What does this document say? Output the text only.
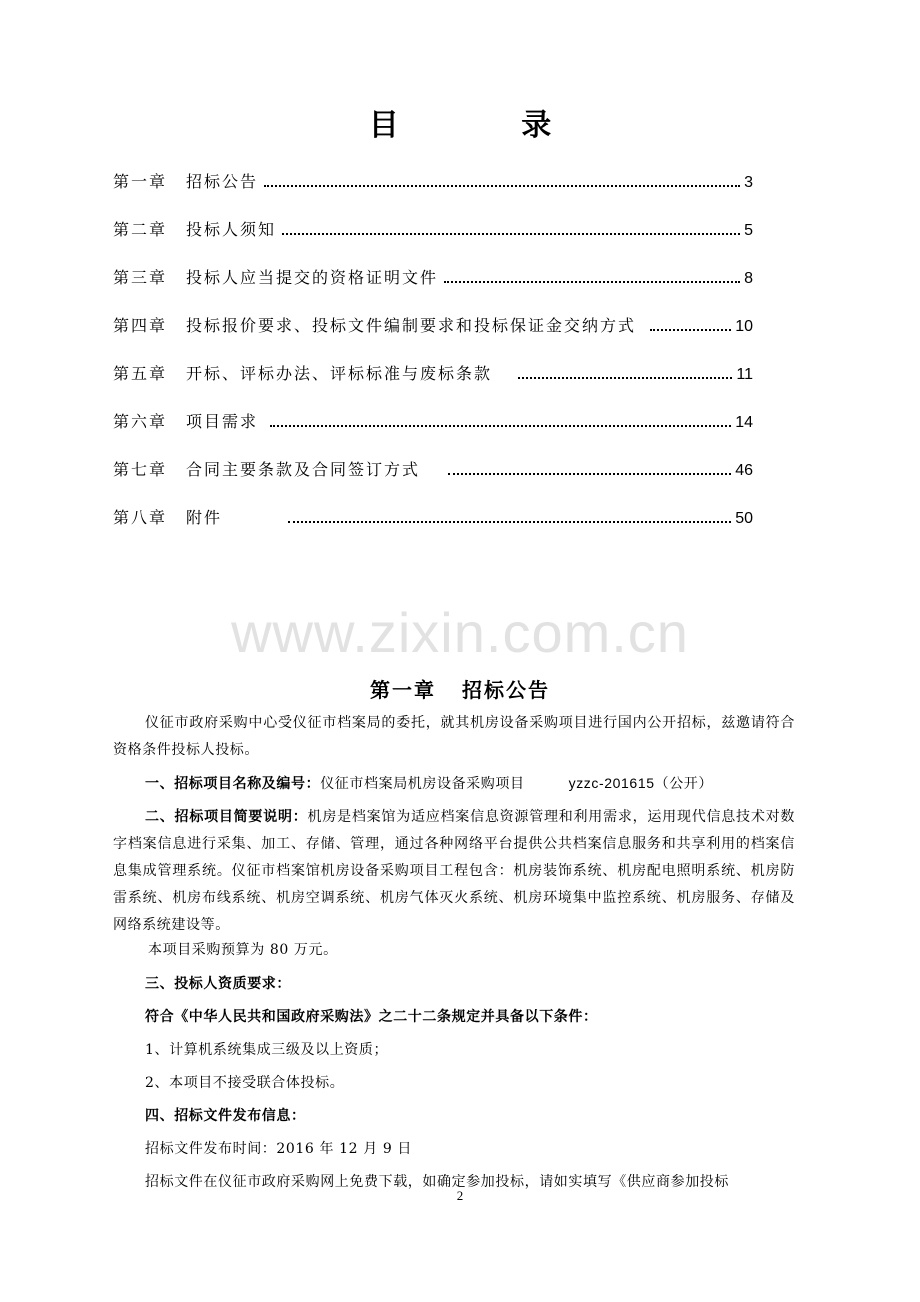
目 录
第一章	招标公告	3
第二章	投标人须知	5
第三章	投标人应当提交的资格证明文件	8
第四章	投标报价要求、投标文件编制要求和投标保证金交纳方式	10
第五章	开标、评标办法、评标标准与废标条款	11
第六章	项目需求	14
第七章	合同主要条款及合同签订方式	46
第八章	附件	50
www.zixin.com.cn
第一章 招标公告

仪征市政府采购中心受仪征市档案局的委托，就其机房设备采购项目进行国内公开招标，兹邀请符合资格条件投标人投标。

一、招标项目名称及编号：仪征市档案局机房设备采购项目	yzzc-201615（公开）

二、招标项目简要说明：机房是档案馆为适应档案信息资源管理和利用需求，运用现代信息技术对数字档案信息进行采集、加工、存储、管理，通过各种网络平台提供公共档案信息服务和共享利用的档案信息集成管理系统。仪征市档案馆机房设备采购项目工程包含：机房装饰系统、机房配电照明系统、机房防雷系统、机房布线系统、机房空调系统、机房气体灭火系统、机房环境集中监控系统、机房服务、存储及网络系统建设等。

本项目采购预算为 80 万元。

三、投标人资质要求：

符合《中华人民共和国政府采购法》之二十二条规定并具备以下条件：

1、计算机系统集成三级及以上资质；

2、本项目不接受联合体投标。

四、招标文件发布信息：

招标文件发布时间：2016 年 12 月 9 日

招标文件在仪征市政府采购网上免费下载，如确定参加投标，请如实填写《供应商参加投标

2
